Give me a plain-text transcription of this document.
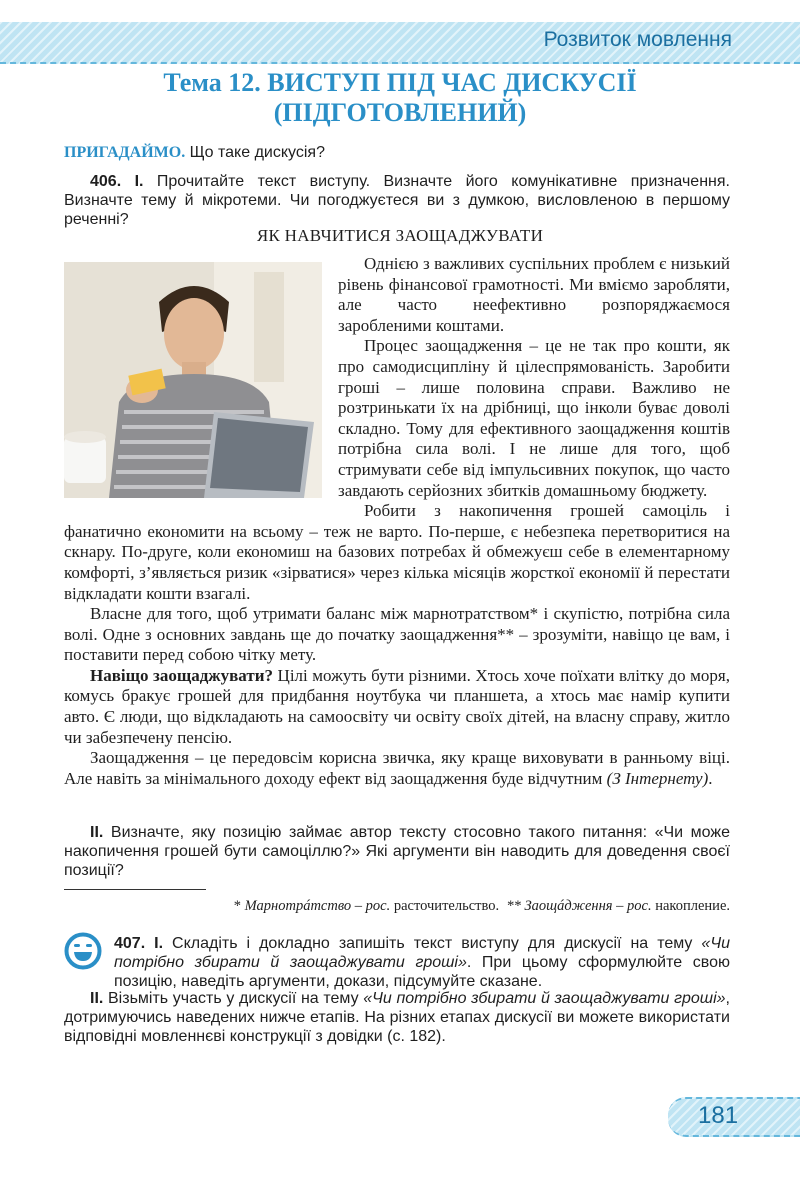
Розвиток мовлення
Тема 12. ВИСТУП ПІД ЧАС ДИСКУСІЇ
(ПІДГОТОВЛЕНИЙ)
ПРИГАДАЙМО. Що таке дискусія?
406. І. Прочитайте текст виступу. Визначте його комунікативне призначення. Визначте тему й мікротеми. Чи погоджуєтеся ви з думкою, висловленою в першому реченні?
ЯК НАВЧИТИСЯ ЗАОЩАДЖУВАТИ

Однією з важливих суспільних проблем є низький рівень фінансової грамотності. Ми вміємо заробляти, але часто неефективно розпоряджаємося заробленими коштами.

Процес заощадження – це не так про кошти, як про самодисципліну й цілеспрямованість. Заробити гроші – лише половина справи. Важливо не розтринькати їх на дрібниці, що інколи буває доволі складно. Тому для ефективного заощадження коштів потрібна сила волі. І не лише для того, щоб стримувати себе від імпульсивних покупок, що часто завдають серйозних збитків домашньому бюджету.

Робити з накопичення грошей самоціль і фанатично економити на всьому – теж не варто. По-перше, є небезпека перетворитися на скнару. По-друге, коли економиш на базових потребах й обмежуєш себе в елементарному комфорті, з’являється ризик «зірватися» через кілька місяців жорсткої економії й перестати відкладати кошти взагалі.

Власне для того, щоб утримати баланс між марнотратством* і скупістю, потрібна сила волі. Одне з основних завдань ще до початку заощадження** – зрозуміти, навіщо це вам, і поставити перед собою чітку мету.

Навіщо заощаджувати? Цілі можуть бути різними. Хтось хоче поїхати влітку до моря, комусь бракує грошей для придбання ноутбука чи планшета, а хтось має намір купити авто. Є люди, що відкладають на самоосвіту чи освіту своїх дітей, на власну справу, житло чи забезпечену пенсію.

Заощадження – це передовсім корисна звичка, яку краще виховувати в ранньому віці. Але навіть за мінімального доходу ефект від заощадження буде відчутним (З Інтернету).

ІІ. Визначте, яку позицію займає автор тексту стосовно такого питання: «Чи може накопичення грошей бути самоціллю?» Які аргументи він наводить для доведення своєї позиції?
* Марнотрáтство – рос. расточительство. ** Заощáдження – рос. накопление.

407. І. Складіть і докладно запишіть текст виступу для дискусії на тему «Чи потрібно збирати й заощаджувати гроші». При цьому сформулюйте свою позицію, наведіть аргументи, докази, підсумуйте сказане.

ІІ. Візьміть участь у дискусії на тему «Чи потрібно збирати й заощаджувати гроші», дотримуючись наведених нижче етапів. На різних етапах дискусії ви можете використати відповідні мовленнєві конструкції з довідки (с. 182).

181
